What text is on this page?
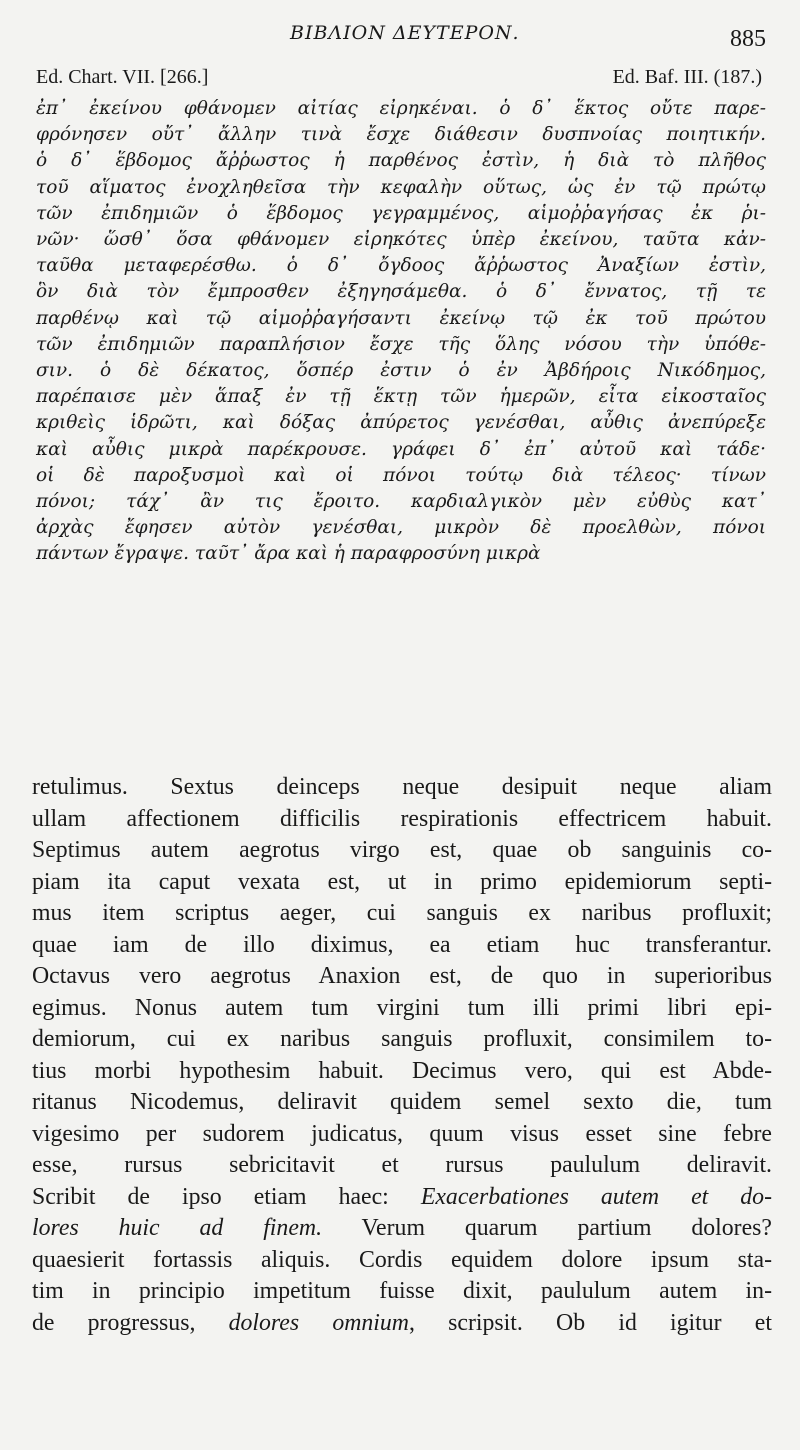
ΒΙΒΛΙΟΝ ΔΕΥΤΕΡΟΝ.	885
Ed. Chart. VII. [266.]	Ed. Baf. III. (187.)
ἐπ᾽ ἐκείνου φθάνομεν αἰτίας εἰρηκέναι. ὁ δ᾽ ἕκτος οὔτε παρε-
φρόνησεν οὔτ᾽ ἄλλην τινὰ ἔσχε διάθεσιν δυσπνοίας ποιητικήν.
ὁ δ᾽ ἕβδομος ἄῤῥωστος ἡ παρθένος ἐστὶν, ἡ διὰ τὸ πλῆθος
τοῦ αἵματος ἐνοχληθεῖσα τὴν κεφαλὴν οὕτως, ὡς ἐν τῷ πρώτῳ
τῶν ἐπιδημιῶν ὁ ἕβδομος γεγραμμένος, αἱμοῤῥαγήσας ἐκ ῥι-
νῶν· ὥσθ᾽ ὅσα φθάνομεν εἰρηκότες ὑπὲρ ἐκείνου, ταῦτα κἀν-
ταῦθα μεταφερέσθω. ὁ δ᾽ ὄγδοος ἄῤῥωστος Ἀναξίων ἐστὶν,
ὃν διὰ τὸν ἔμπροσθεν ἐξηγησάμεθα. ὁ δ᾽ ἔννατος, τῇ τε
παρθένῳ καὶ τῷ αἱμοῤῥαγήσαντι ἐκείνῳ τῷ ἐκ τοῦ πρώτου
τῶν ἐπιδημιῶν παραπλήσιον ἔσχε τῆς ὅλης νόσου τὴν ὑπόθε-
σιν. ὁ δὲ δέκατος, ὅσπέρ ἐστιν ὁ ἐν Ἀβδήροις Νικόδημος,
παρέπαισε μὲν ἅπαξ ἐν τῇ ἕκτῃ τῶν ἡμερῶν, εἶτα εἰκοσταῖος
κριθεὶς ἱδρῶτι, καὶ δόξας ἀπύρετος γενέσθαι, αὖθις ἀνεπύρεξε
καὶ αὖθις μικρὰ παρέκρουσε. γράφει δ᾽ ἐπ᾽ αὐτοῦ καὶ τάδε·
οἱ δὲ παροξυσμοὶ καὶ οἱ πόνοι τούτῳ διὰ τέλεος· τίνων
πόνοι; τάχ᾽ ἂν τις ἔροιτο. καρδιαλγικὸν μὲν εὐθὺς κατ᾽
ἀρχὰς ἔφησεν αὐτὸν γενέσθαι, μικρὸν δὲ προελθὼν, πόνοι
πάντων ἔγραψε. ταῦτ᾽ ἄρα καὶ ἡ παραφροσύνη μικρὰ
retulimus. Sextus deinceps neque desipuit neque aliam
ullam affectionem difficilis respirationis effectricem habuit.
Septimus autem aegrotus virgo est, quae ob sanguinis co-
piam ita caput vexata est, ut in primo epidemiorum septi-
mus item scriptus aeger, cui sanguis ex naribus profluxit;
quae iam de illo diximus, ea etiam huc transferantur.
Octavus vero aegrotus Anaxion est, de quo in superioribus
egimus. Nonus autem tum virgini tum illi primi libri epi-
demiorum, cui ex naribus sanguis profluxit, consimilem to-
tius morbi hypothesim habuit. Decimus vero, qui est Abde-
ritanus Nicodemus, deliravit quidem semel sexto die, tum
vigesimo per sudorem judicatus, quum visus esset sine febre
esse, rursus sebricitavit et rursus paululum deliravit.
Scribit de ipso etiam haec: Exacerbationes autem et do-
lores huic ad finem. Verum quarum partium dolores?
quaesierit fortassis aliquis. Cordis equidem dolore ipsum sta-
tim in principio impetitum fuisse dixit, paululum autem in-
de progressus, dolores omnium, scripsit. Ob id igitur et
